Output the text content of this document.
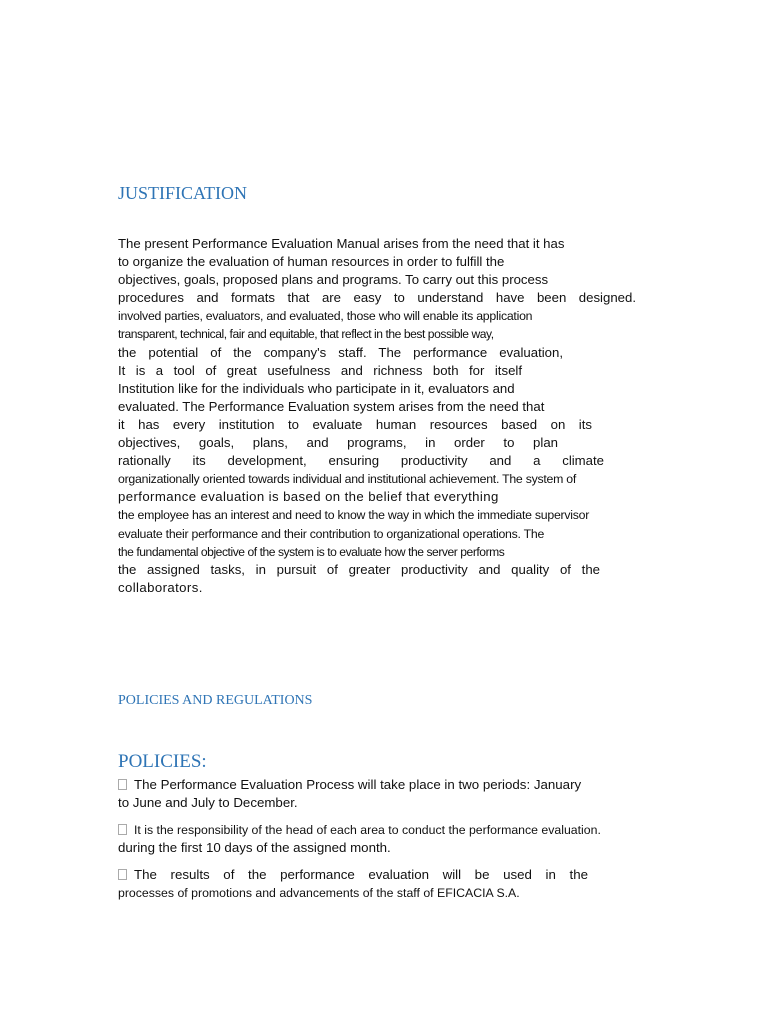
JUSTIFICATION
The present Performance Evaluation Manual arises from the need that it has
to organize the evaluation of human resources in order to fulfill the
objectives, goals, proposed plans and programs. To carry out this process
procedures and formats that are easy to understand have been designed.
involved parties, evaluators, and evaluated, those who will enable its application
transparent, technical, fair and equitable, that reflect in the best possible way,
the potential of the company's staff. The performance evaluation,
It is a tool of great usefulness and richness both for itself
Institution like for the individuals who participate in it, evaluators and
evaluated. The Performance Evaluation system arises from the need that
it has every institution to evaluate human resources based on its
objectives, goals, plans, and programs, in order to plan
rationally its development, ensuring productivity and a climate
organizationally oriented towards individual and institutional achievement. The system of
performance evaluation is based on the belief that everything
the employee has an interest and need to know the way in which the immediate supervisor
evaluate their performance and their contribution to organizational operations. The
the fundamental objective of the system is to evaluate how the server performs
the assigned tasks, in pursuit of greater productivity and quality of the
collaborators.
POLICIES AND REGULATIONS
POLICIES:
The Performance Evaluation Process will take place in two periods: January
to June and July to December.
It is the responsibility of the head of each area to conduct the performance evaluation.
during the first 10 days of the assigned month.
The results of the performance evaluation will be used in the
processes of promotions and advancements of the staff of EFICACIA S.A.
